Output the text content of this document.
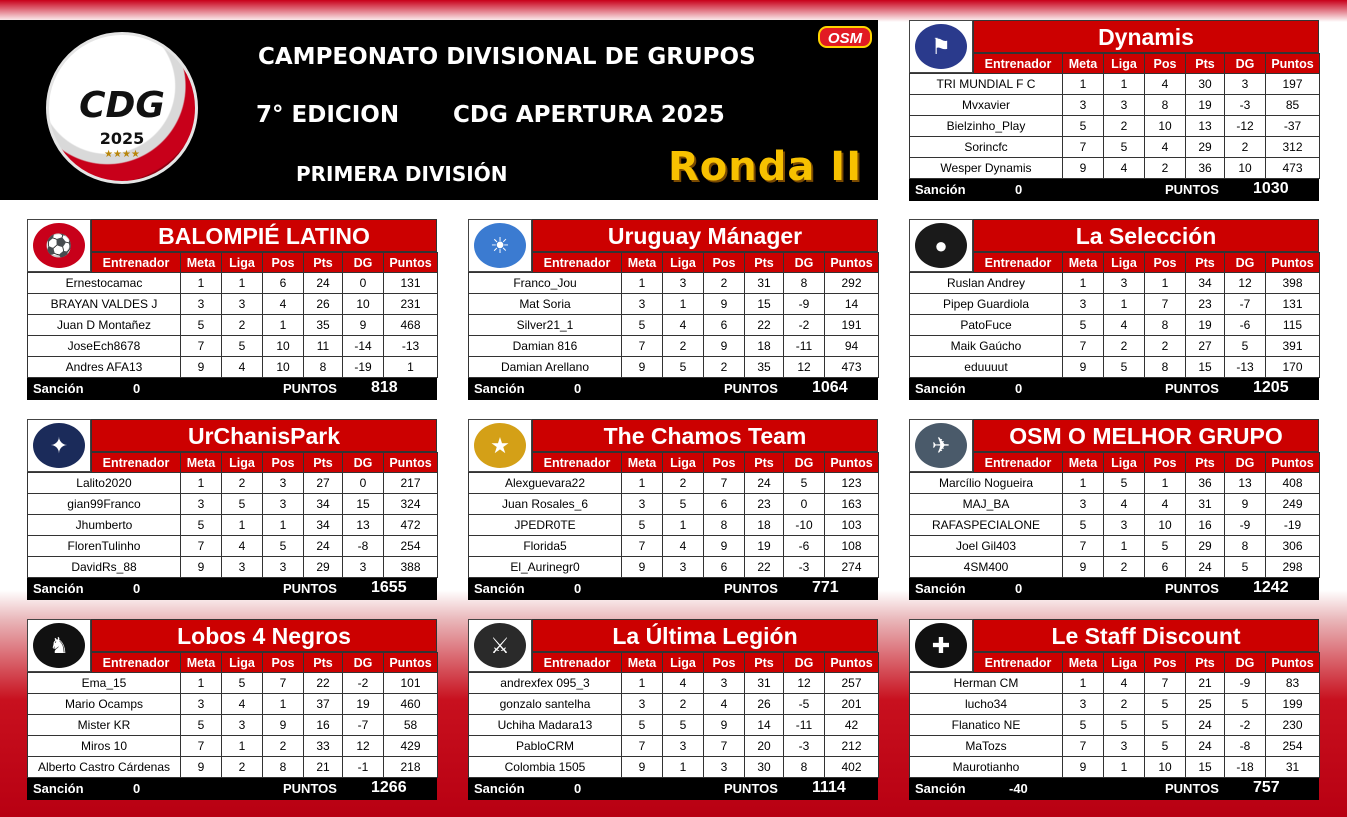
CDG
2025
★★★★
CAMPEONATO DIVISIONAL DE GRUPOS
7° EDICION CDG APERTURA 2025
PRIMERA DIVISIÓN
OSM
Ronda II
⚑	Dynamis
	Entrenador	Meta	Liga	Pos	Pts	DG	Puntos
TRI MUNDIAL F C		1	1	4	30	3	197
Mvxavier		3	3	8	19	-3	85
Bielzinho_Play		5	2	10	13	-12	-37
Sorincfc		7	5	4	29	2	312
Wesper Dynamis		9	4	2	36	10	473
Sanción	0	PUNTOS 1030
⚽	BALOMPIÉ LATINO
	Entrenador	Meta	Liga	Pos	Pts	DG	Puntos
Ernestocamac		1	1	6	24	0	131
BRAYAN VALDES J		3	3	4	26	10	231
Juan D Montañez		5	2	1	35	9	468
JoseEch8678		7	5	10	11	-14	-13
Andres AFA13		9	4	10	8	-19	1
Sanción	0	PUNTOS 818
☀	Uruguay Mánager
	Entrenador	Meta	Liga	Pos	Pts	DG	Puntos
Franco_Jou		1	3	2	31	8	292
Mat Soria		3	1	9	15	-9	14
Silver21_1		5	4	6	22	-2	191
Damian 816		7	2	9	18	-11	94
Damian Arellano		9	5	2	35	12	473
Sanción	0	PUNTOS 1064
●	La Selección
	Entrenador	Meta	Liga	Pos	Pts	DG	Puntos
Ruslan Andrey		1	3	1	34	12	398
Pipep Guardiola		3	1	7	23	-7	131
PatoFuce		5	4	8	19	-6	115
Maik Gaúcho		7	2	2	27	5	391
eduuuut		9	5	8	15	-13	170
Sanción	0	PUNTOS 1205
✦	UrChanisPark
	Entrenador	Meta	Liga	Pos	Pts	DG	Puntos
Lalito2020		1	2	3	27	0	217
gian99Franco		3	5	3	34	15	324
Jhumberto		5	1	1	34	13	472
FlorenTulinho		7	4	5	24	-8	254
DavidRs_88		9	3	3	29	3	388
Sanción	0	PUNTOS 1655
★	The Chamos Team
	Entrenador	Meta	Liga	Pos	Pts	DG	Puntos
Alexguevara22		1	2	7	24	5	123
Juan Rosales_6		3	5	6	23	0	163
JPEDR0TE		5	1	8	18	-10	103
Florida5		7	4	9	19	-6	108
El_Aurinegr0		9	3	6	22	-3	274
Sanción	0	PUNTOS 771
✈	OSM O MELHOR GRUPO
	Entrenador	Meta	Liga	Pos	Pts	DG	Puntos
Marcílio Nogueira		1	5	1	36	13	408
MAJ_BA		3	4	4	31	9	249
RAFASPECIALONE		5	3	10	16	-9	-19
Joel Gil403		7	1	5	29	8	306
4SM400		9	2	6	24	5	298
Sanción	0	PUNTOS 1242
♞	Lobos 4 Negros
	Entrenador	Meta	Liga	Pos	Pts	DG	Puntos
Ema_15		1	5	7	22	-2	101
Mario Ocamps		3	4	1	37	19	460
Mister KR		5	3	9	16	-7	58
Miros 10		7	1	2	33	12	429
Alberto Castro Cárdenas		9	2	8	21	-1	218
Sanción	0	PUNTOS 1266
⚔	La Última Legión
	Entrenador	Meta	Liga	Pos	Pts	DG	Puntos
andrexfex 095_3		1	4	3	31	12	257
gonzalo santelha		3	2	4	26	-5	201
Uchiha Madara13		5	5	9	14	-11	42
PabloCRM		7	3	7	20	-3	212
Colombia 1505		9	1	3	30	8	402
Sanción	0	PUNTOS 1114
✚	Le Staff Discount
	Entrenador	Meta	Liga	Pos	Pts	DG	Puntos
Herman CM		1	4	7	21	-9	83
lucho34		3	2	5	25	5	199
Flanatico NE		5	5	5	24	-2	230
MaTozs		7	3	5	24	-8	254
Maurotianho		9	1	10	15	-18	31
Sanción	-40	PUNTOS 757
